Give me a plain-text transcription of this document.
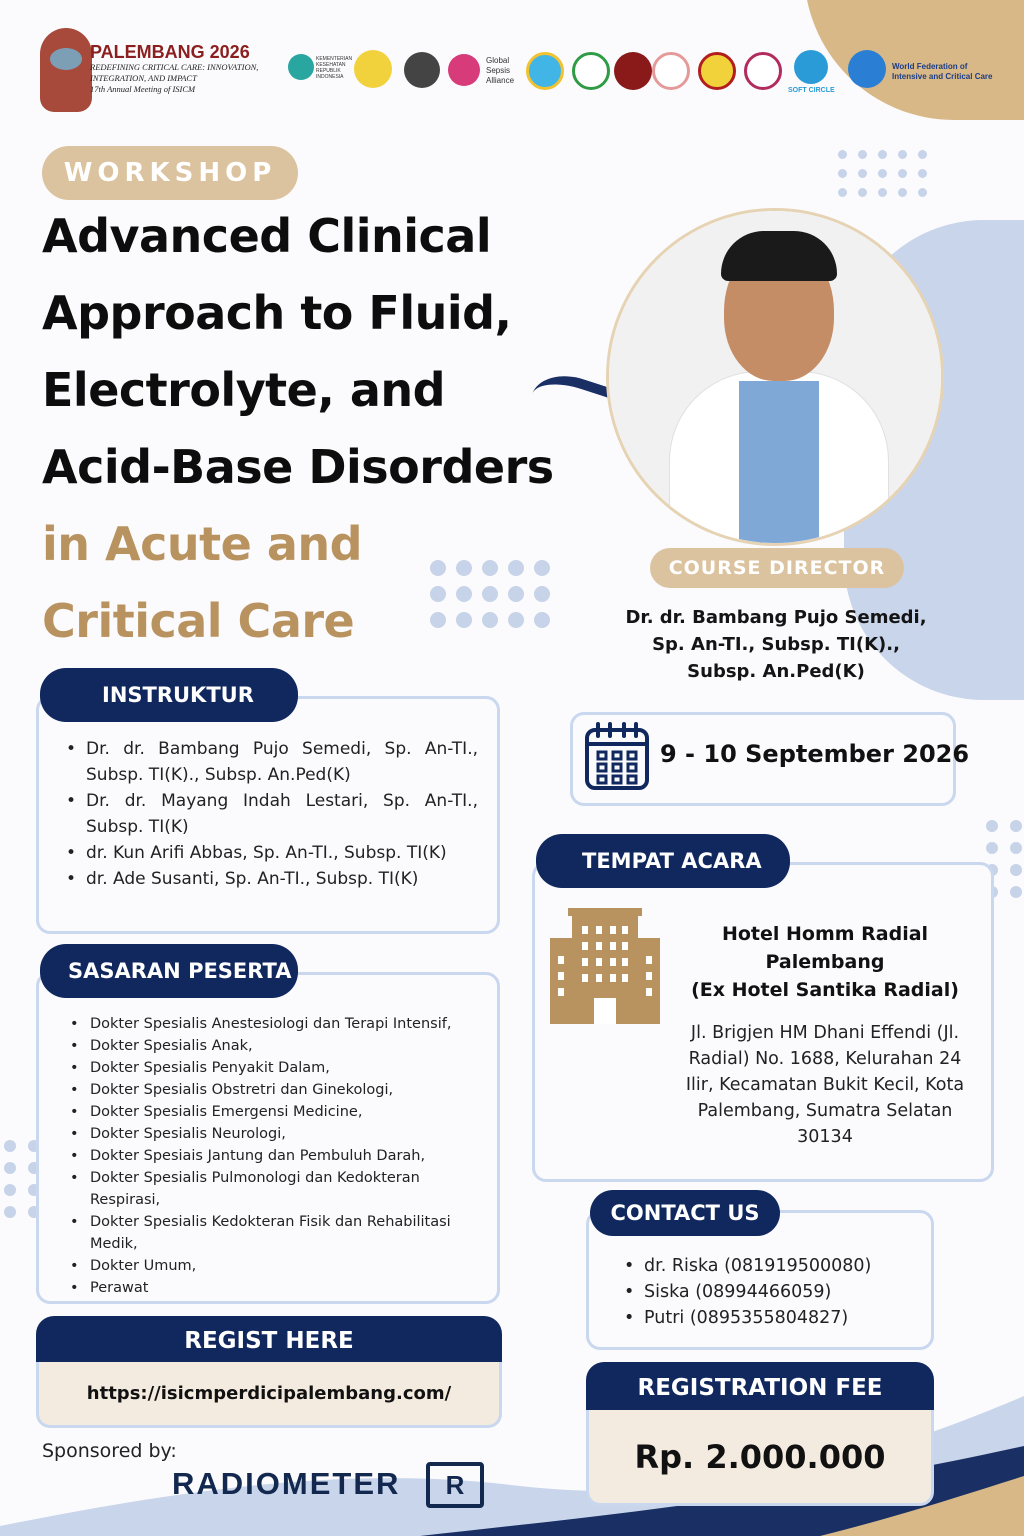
PALEMBANG 2026
REDEFINING CRITICAL CARE: INNOVATION, INTEGRATION, AND IMPACT
17th Annual Meeting of ISICM
KEMENTERIAN KESEHATAN REPUBLIK INDONESIA
Global Sepsis Alliance
SOFT CIRCLE
World Federation of Intensive and Critical Care
WORKSHOP
Advanced Clinical
Approach to Fluid,
Electrolyte, and
Acid-Base Disorders
in Acute and
Critical Care
COURSE DIRECTOR
Dr. dr. Bambang Pujo Semedi,
Sp. An-TI., Subsp. TI(K).,
Subsp. An.Ped(K)
INSTRUKTUR
• Dr. dr. Bambang Pujo Semedi, Sp. An-TI., Subsp. TI(K)., Subsp. An.Ped(K)
• Dr. dr. Mayang Indah Lestari, Sp. An-TI., Subsp. TI(K)
• dr. Kun Arifi Abbas, Sp. An-TI., Subsp. TI(K)
• dr. Ade Susanti, Sp. An-TI., Subsp. TI(K)
SASARAN PESERTA
• Dokter Spesialis Anestesiologi dan Terapi Intensif,
• Dokter Spesialis Anak,
• Dokter Spesialis Penyakit Dalam,
• Dokter Spesialis Obstretri dan Ginekologi,
• Dokter Spesialis Emergensi Medicine,
• Dokter Spesialis Neurologi,
• Dokter Spesiais Jantung dan Pembuluh Darah,
• Dokter Spesialis Pulmonologi dan Kedokteran Respirasi,
• Dokter Spesialis Kedokteran Fisik dan Rehabilitasi Medik,
• Dokter Umum,
• Perawat
REGIST HERE
https://isicmperdicipalembang.com/
Sponsored by:
RADIOMETER	R
9 - 10 September 2026
TEMPAT ACARA
Hotel Homm Radial
Palembang
(Ex Hotel Santika Radial)
Jl. Brigjen HM Dhani Effendi (Jl. Radial) No. 1688, Kelurahan 24 Ilir, Kecamatan Bukit Kecil, Kota Palembang, Sumatra Selatan 30134
CONTACT US
• dr. Riska (081919500080)
• Siska (08994466059)
• Putri (0895355804827)
REGISTRATION FEE
Rp. 2.000.000
